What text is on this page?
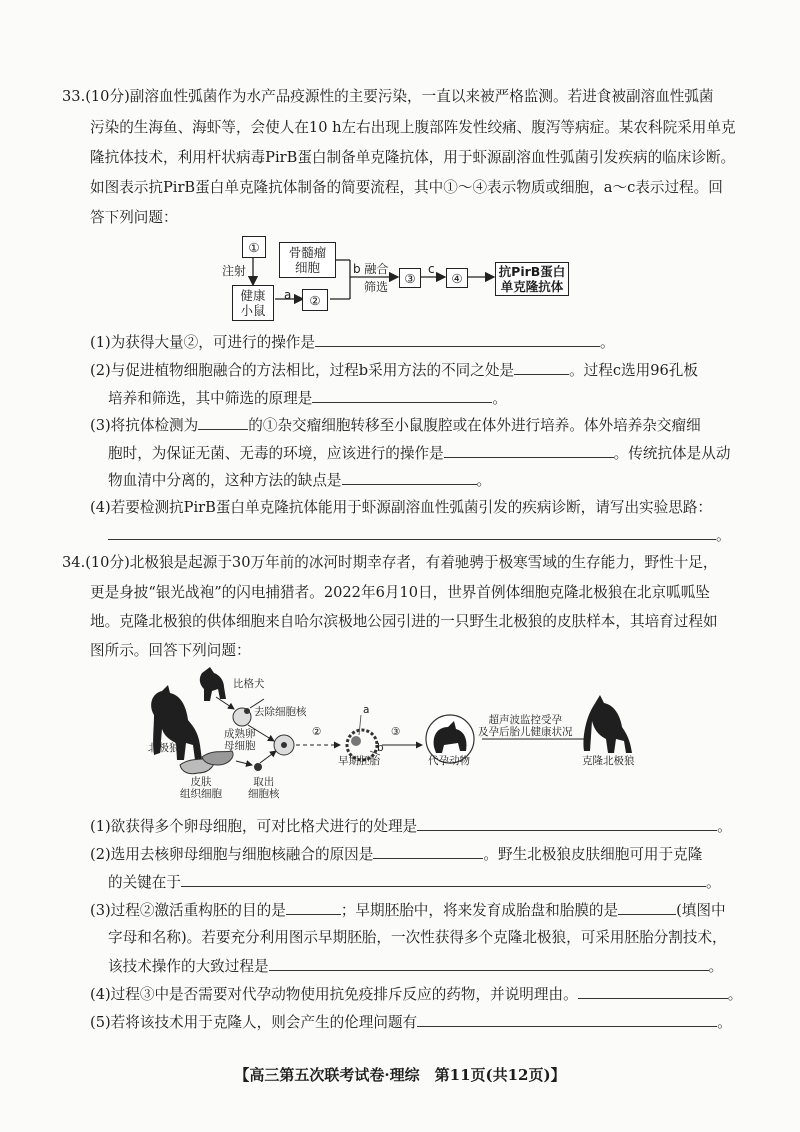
33.(10分)副溶血性弧菌作为水产品疫源性的主要污染，一直以来被严格监测。若进食被副溶血性弧菌
污染的生海鱼、海虾等，会使人在10 h左右出现上腹部阵发性绞痛、腹泻等病症。某农科院采用单克
隆抗体技术，利用杆状病毒PirB蛋白制备单克隆抗体，用于虾源副溶血性弧菌引发疾病的临床诊断。
如图表示抗PirB蛋白单克隆抗体制备的简要流程，其中①～④表示物质或细胞，a～c表示过程。回
答下列问题：
①
注射
骨髓瘤
细胞
健康
小鼠
a	②
b 融合
筛选
③
c
④	抗PirB蛋白
单克隆抗体
(1)为获得大量②，可进行的操作是	。
(2)与促进植物细胞融合的方法相比，过程b采用方法的不同之处是	。过程c选用96孔板
培养和筛选，其中筛选的原理是	。
(3)将抗体检测为	的①杂交瘤细胞转移至小鼠腹腔或在体外进行培养。体外培养杂交瘤细
胞时，为保证无菌、无毒的环境，应该进行的操作是	。传统抗体是从动
物血清中分离的，这种方法的缺点是	。
(4)若要检测抗PirB蛋白单克隆抗体能用于虾源副溶血性弧菌引发的疾病诊断，请写出实验思路：
。
34.(10分)北极狼是起源于30万年前的冰河时期幸存者，有着驰骋于极寒雪域的生存能力，野性十足，
更是身披“银光战袍”的闪电捕猎者。2022年6月10日，世界首例体细胞克隆北极狼在北京呱呱坠
地。克隆北极狼的供体细胞来自哈尔滨极地公园引进的一只野生北极狼的皮肤样本，其培育过程如
图所示。回答下列问题：
比格犬
去除细胞核
成熟卵
母细胞
北极狼
皮肤
组织细胞
取出
细胞核
②
a
b
早期胚胎
③
代孕动物
超声波监控受孕
及孕后胎儿健康状况
克隆北极狼
(1)欲获得多个卵母细胞，可对比格犬进行的处理是	。
(2)选用去核卵母细胞与细胞核融合的原因是	。野生北极狼皮肤细胞可用于克隆
的关键在于	。
(3)过程②激活重构胚的目的是	；早期胚胎中，将来发育成胎盘和胎膜的是	(填图中
字母和名称)。若要充分利用图示早期胚胎，一次性获得多个克隆北极狼，可采用胚胎分割技术，
该技术操作的大致过程是	。
(4)过程③中是否需要对代孕动物使用抗免疫排斥反应的药物，并说明理由。	。
(5)若将该技术用于克隆人，则会产生的伦理问题有	。
【高三第五次联考试卷·理综　第11页(共12页)】
